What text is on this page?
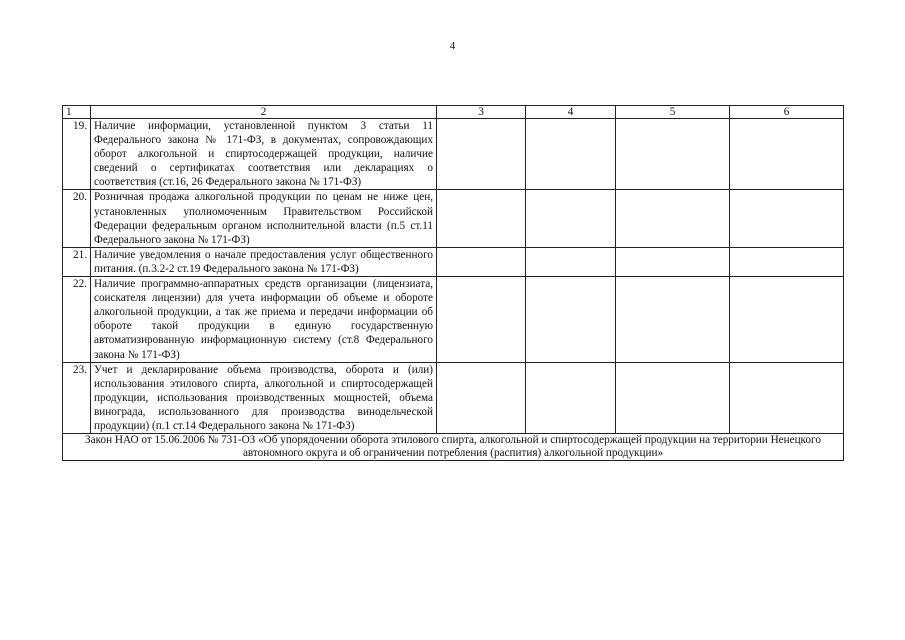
4
1	2	3	4	5	6
19.	Наличие информации, установленной пунктом 3 статьи 11 Федерального закона № 171-ФЗ, в документах, сопровождающих оборот алкогольной и спиртосодержащей продукции, наличие сведений о сертификатах соответствия или декларациях о соответствия (ст.16, 26 Федерального закона № 171-ФЗ)				
20.	Розничная продажа алкогольной продукции по ценам не ниже цен, установленных уполномоченным Правительством Российской Федерации федеральным органом исполнительной власти (п.5 ст.11 Федерального закона № 171-ФЗ)				
21.	Наличие уведомления о начале предоставления услуг общественного питания. (п.3.2-2 ст.19 Федерального закона № 171-ФЗ)				
22.	Наличие программно-аппаратных средств организации (лицензиата, соискателя лицензии) для учета информации об объеме и обороте алкогольной продукции, а так же приема и передачи информации об обороте такой продукции в единую государственную автоматизированную информационную систему (ст.8 Федерального закона № 171-ФЗ)				
23.	Учет и декларирование объема производства, оборота и (или) использования этилового спирта, алкогольной и спиртосодержащей продукции, использования производственных мощностей, объема винограда, использованного для производства винодельческой продукции) (п.1 ст.14 Федерального закона № 171-ФЗ)				
Закон НАО от 15.06.2006 № 731-ОЗ «Об упорядочении оборота этилового спирта, алкогольной и спиртосодержащей продукции на территории Ненецкого автономного округа и об ограничении потребления (распития) алкогольной продукции»					
